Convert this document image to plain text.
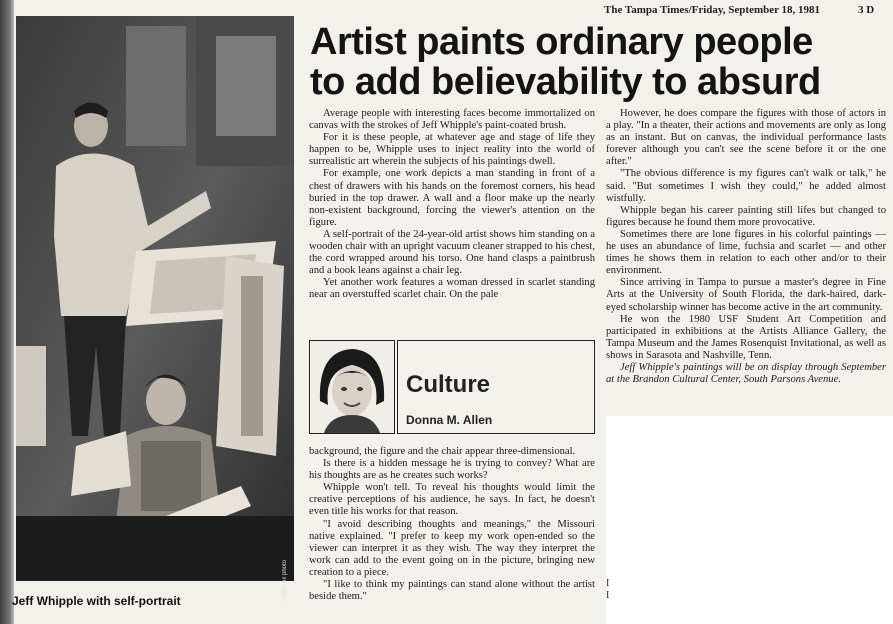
The Tampa Times/Friday, September 18, 1981	3 D
Fred Fox photo
Jeff Whipple with self-portrait
Artist paints ordinary people
to add believability to absurd

Average people with interesting faces become immortalized on canvas with the strokes of Jeff Whipple's paint-coated brush.

For it is these people, at whatever age and stage of life they happen to be, Whipple uses to inject reality into the world of surrealistic art wherein the subjects of his paintings dwell.

For example, one work depicts a man standing in front of a chest of drawers with his hands on the foremost corners, his head buried in the top drawer. A wall and a floor make up the nearly non-existent background, forcing the viewer's attention on the figure.

A self-portrait of the 24-year-old artist shows him standing on a wooden chair with an upright vacuum cleaner strapped to his chest, the cord wrapped around his torso. One hand clasps a paintbrush and a book leans against a chair leg.

Yet another work features a woman dressed in scarlet standing near an overstuffed scarlet chair. On the pale

Culture
Donna M. Allen

background, the figure and the chair appear three-dimensional.

Is there is a hidden message he is trying to convey? What are his thoughts are as he creates such works?

Whipple won't tell. To reveal his thoughts would limit the creative perceptions of his audience, he says. In fact, he doesn't even title his works for that reason.

"I avoid describing thoughts and meanings," the Missouri native explained. "I prefer to keep my work open-ended so the viewer can interpret it as they wish. The way they interpret the work can add to the event going on in the picture, bringing new creation to a piece.

"I like to think my paintings can stand alone without the artist beside them."

However, he does compare the figures with those of actors in a play. "In a theater, their actions and movements are only as long as an instant. But on canvas, the individual performance lasts forever although you can't see the scene before it or the one after."

"The obvious difference is my figures can't walk or talk," he said. "But sometimes I wish they could," he added almost wistfully.

Whipple began his career painting still lifes but changed to figures because he found them more provocative.

Sometimes there are lone figures in his colorful paintings — he uses an abundance of lime, fuchsia and scarlet — and other times he shows them in relation to each other and/or to their environment.

Since arriving in Tampa to pursue a master's degree in Fine Arts at the University of South Florida, the dark-haired, dark-eyed scholarship winner has become active in the art community.

He won the 1980 USF Student Art Competition and participated in exhibitions at the Artists Alliance Gallery, the Tampa Museum and the James Rosenquist Invitational, as well as shows in Sarasota and Nashville, Tenn.

Jeff Whipple's paintings will be on display through September at the Brandon Cultural Center, South Parsons Avenue.

I
I
